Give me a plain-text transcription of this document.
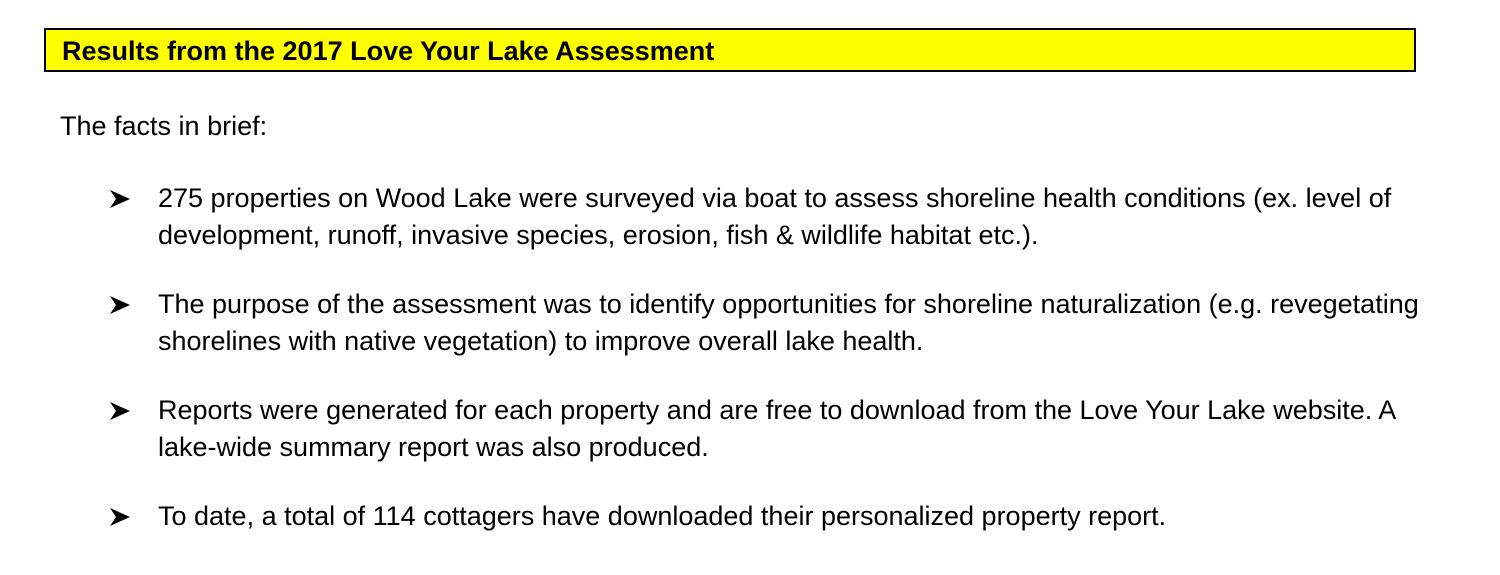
Results from the 2017 Love Your Lake Assessment
The facts in brief:
275 properties on Wood Lake were surveyed via boat to assess shoreline health conditions (ex. level of development, runoff, invasive species, erosion, fish & wildlife habitat etc.).
The purpose of the assessment was to identify opportunities for shoreline naturalization (e.g. revegetating shorelines with native vegetation) to improve overall lake health.
Reports were generated for each property and are free to download from the Love Your Lake website. A lake-wide summary report was also produced.
To date, a total of 114 cottagers have downloaded their personalized property report.
